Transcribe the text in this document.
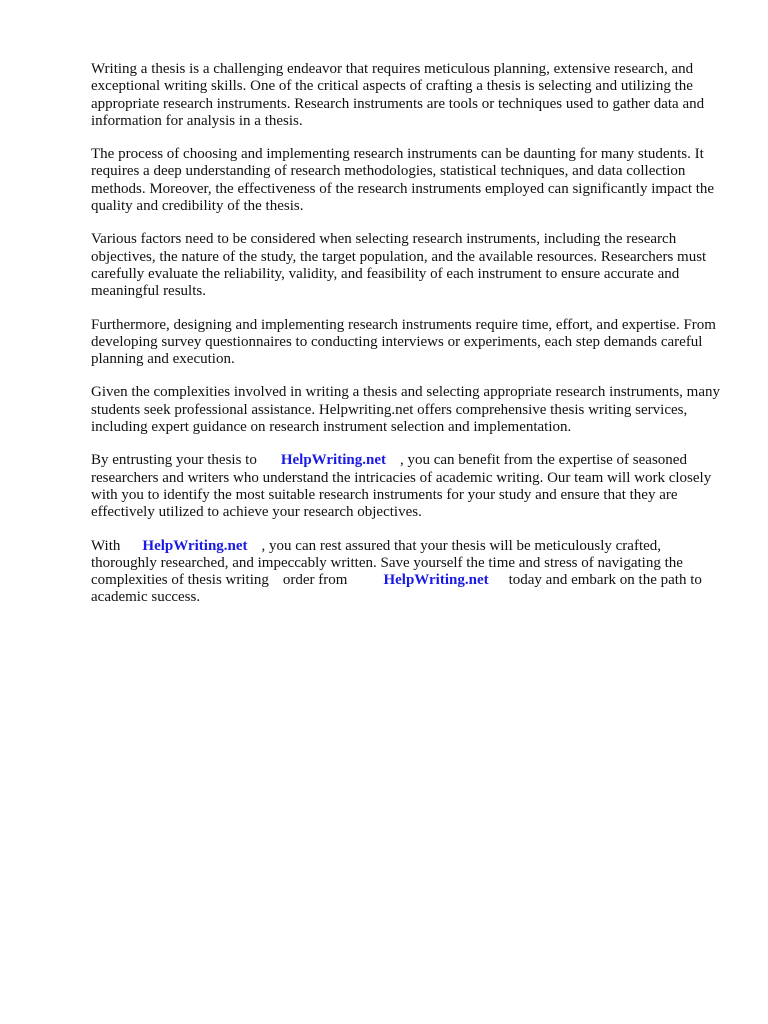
Writing a thesis is a challenging endeavor that requires meticulous planning, extensive research, and exceptional writing skills. One of the critical aspects of crafting a thesis is selecting and utilizing the appropriate research instruments. Research instruments are tools or techniques used to gather data and information for analysis in a thesis.

The process of choosing and implementing research instruments can be daunting for many students. It requires a deep understanding of research methodologies, statistical techniques, and data collection methods. Moreover, the effectiveness of the research instruments employed can significantly impact the quality and credibility of the thesis.

Various factors need to be considered when selecting research instruments, including the research objectives, the nature of the study, the target population, and the available resources. Researchers must carefully evaluate the reliability, validity, and feasibility of each instrument to ensure accurate and meaningful results.

Furthermore, designing and implementing research instruments require time, effort, and expertise. From developing survey questionnaires to conducting interviews or experiments, each step demands careful planning and execution.

Given the complexities involved in writing a thesis and selecting appropriate research instruments, many students seek professional assistance. Helpwriting.net offers comprehensive thesis writing services, including expert guidance on research instrument selection and implementation.

By entrusting your thesis to HelpWriting.net , you can benefit from the expertise of seasoned researchers and writers who understand the intricacies of academic writing. Our team will work closely with you to identify the most suitable research instruments for your study and ensure that they are effectively utilized to achieve your research objectives.

With HelpWriting.net , you can rest assured that your thesis will be meticulously crafted, thoroughly researched, and impeccably written. Save yourself the time and stress of navigating the complexities of thesis writing order from HelpWriting.net today and embark on the path to academic success.
